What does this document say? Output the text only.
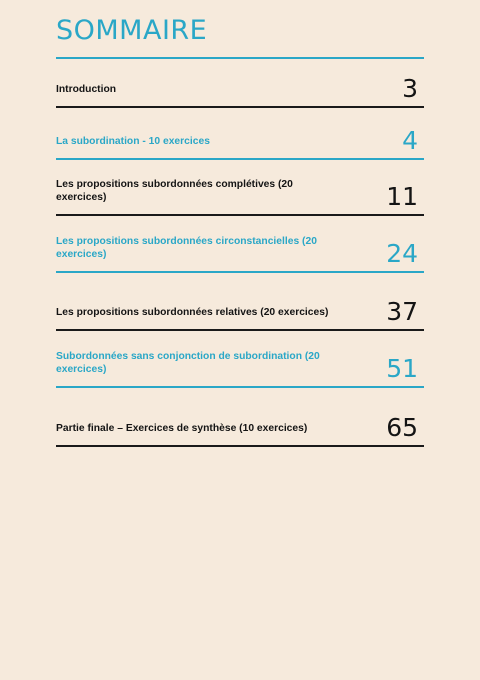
SOMMAIRE
Introduction	3
La subordination - 10 exercices	4
Les propositions subordonnées complétives (20 exercices)	11
Les propositions subordonnées circonstancielles (20 exercices)	24
Les propositions subordonnées relatives (20 exercices)	37
Subordonnées sans conjonction de subordination (20 exercices)	51
Partie finale – Exercices de synthèse (10 exercices)	65
